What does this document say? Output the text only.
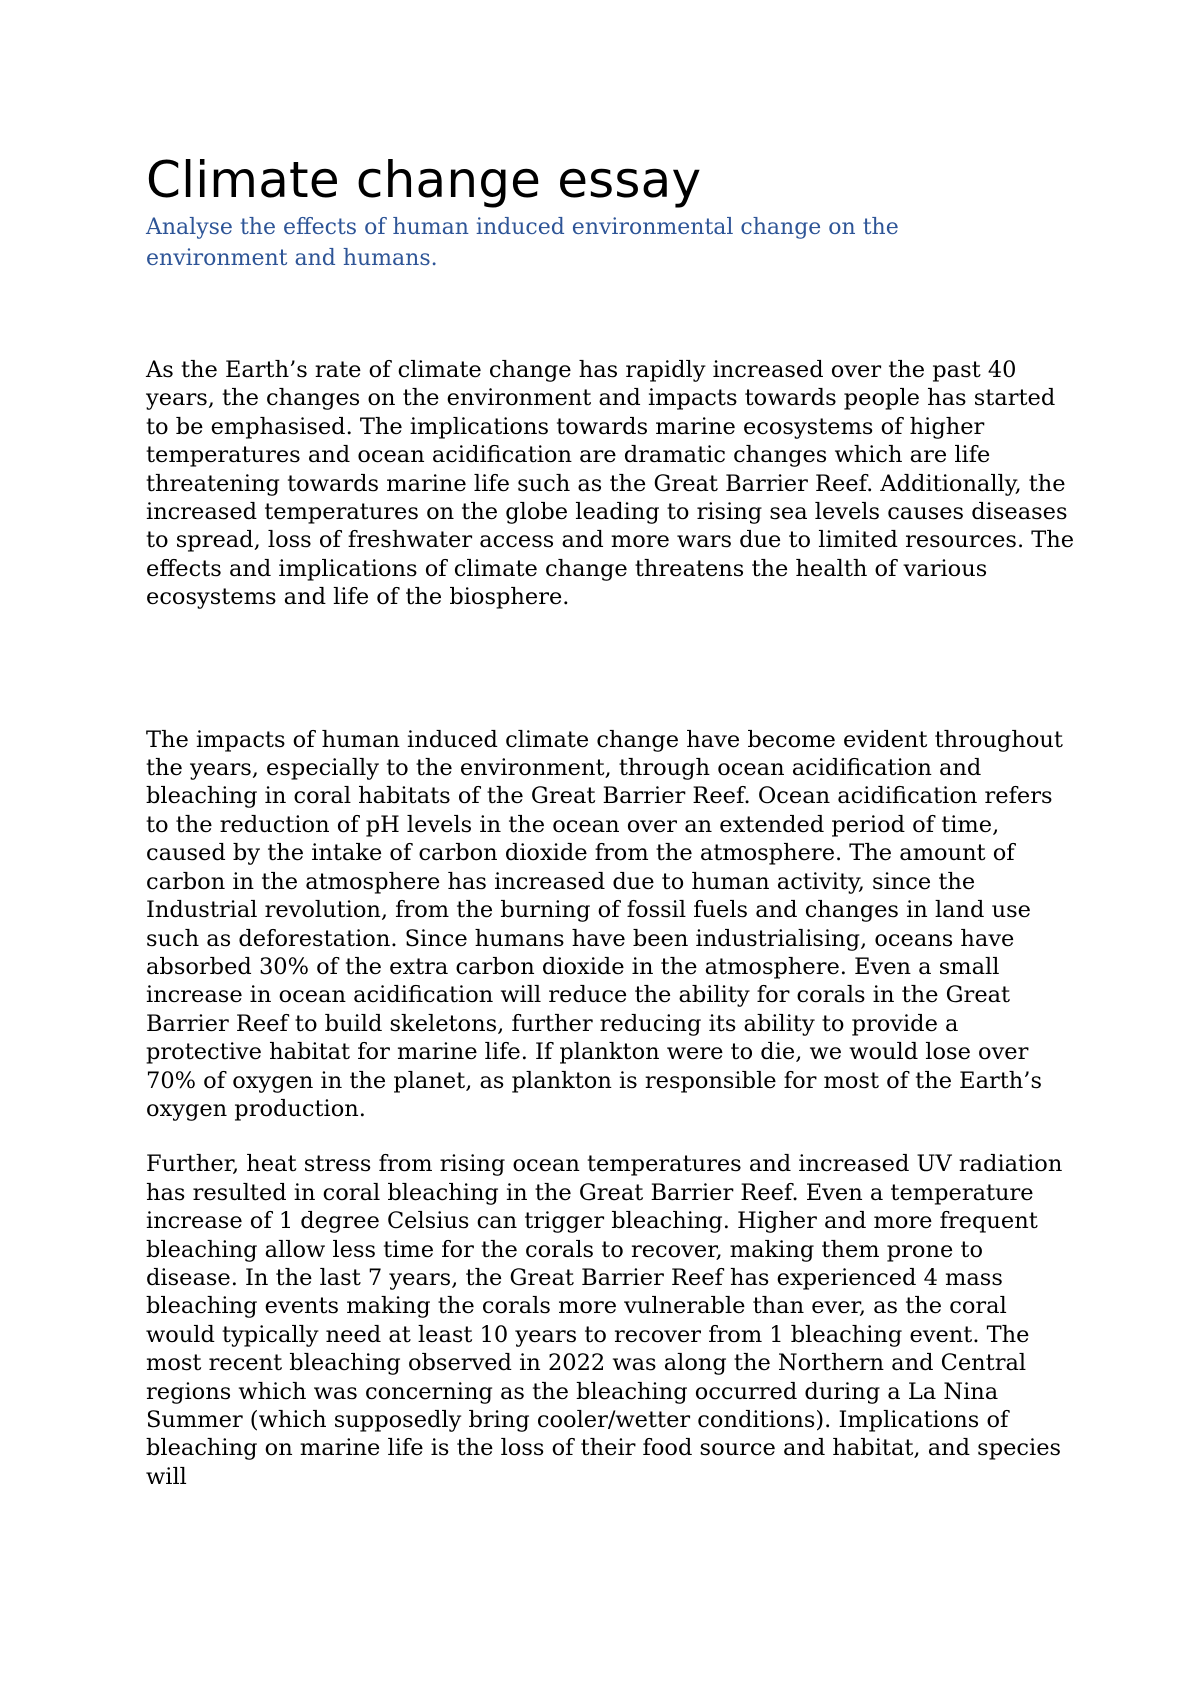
Climate change essay

Analyse the effects of human induced environmental change on the environment and humans.

As the Earth’s rate of climate change has rapidly increased over the past 40 years, the changes on the environment and impacts towards people has started to be emphasised. The implications towards marine ecosystems of higher temperatures and ocean acidification are dramatic changes which are life threatening towards marine life such as the Great Barrier Reef. Additionally, the increased temperatures on the globe leading to rising sea levels causes diseases to spread, loss of freshwater access and more wars due to limited resources. The effects and implications of climate change threatens the health of various ecosystems and life of the biosphere.

The impacts of human induced climate change have become evident throughout the years, especially to the environment, through ocean acidification and bleaching in coral habitats of the Great Barrier Reef. Ocean acidification refers to the reduction of pH levels in the ocean over an extended period of time, caused by the intake of carbon dioxide from the atmosphere. The amount of carbon in the atmosphere has increased due to human activity, since the Industrial revolution, from the burning of fossil fuels and changes in land use such as deforestation. Since humans have been industrialising, oceans have absorbed 30% of the extra carbon dioxide in the atmosphere. Even a small increase in ocean acidification will reduce the ability for corals in the Great Barrier Reef to build skeletons, further reducing its ability to provide a protective habitat for marine life. If plankton were to die, we would lose over 70% of oxygen in the planet, as plankton is responsible for most of the Earth’s oxygen production.

Further, heat stress from rising ocean temperatures and increased UV radiation has resulted in coral bleaching in the Great Barrier Reef. Even a temperature increase of 1 degree Celsius can trigger bleaching. Higher and more frequent bleaching allow less time for the corals to recover, making them prone to disease. In the last 7 years, the Great Barrier Reef has experienced 4 mass bleaching events making the corals more vulnerable than ever, as the coral would typically need at least 10 years to recover from 1 bleaching event. The most recent bleaching observed in 2022 was along the Northern and Central regions which was concerning as the bleaching occurred during a La Nina Summer (which supposedly bring cooler/wetter conditions). Implications of bleaching on marine life is the loss of their food source and habitat, and species will
